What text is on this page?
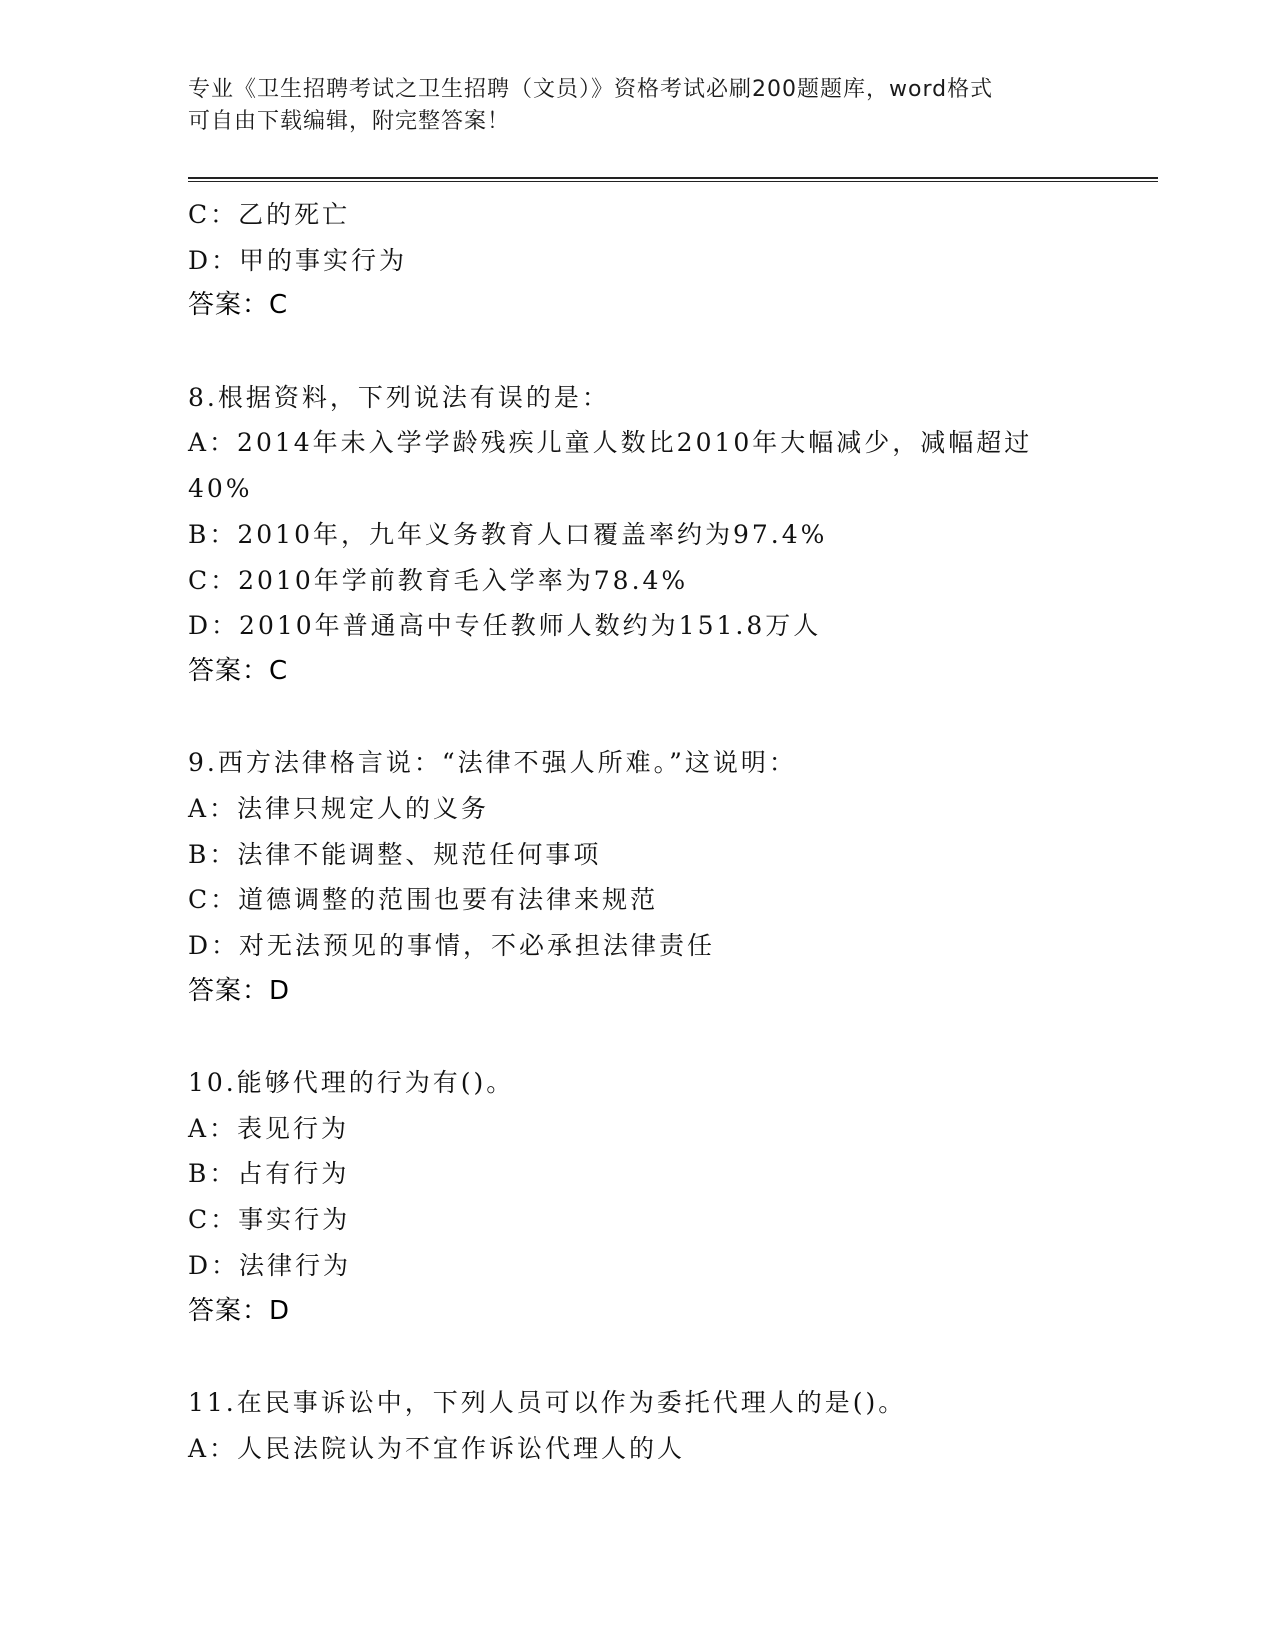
专业《卫生招聘考试之卫生招聘（文员）》资格考试必刷200题题库，word格式
可自由下载编辑，附完整答案！
C：乙的死亡
D：甲的事实行为
答案：C
8.根据资料，下列说法有误的是：
A：2014年未入学学龄残疾儿童人数比2010年大幅减少，减幅超过
40%
B：2010年，九年义务教育人口覆盖率约为97.4%
C：2010年学前教育毛入学率为78.4%
D：2010年普通高中专任教师人数约为151.8万人
答案：C
9.西方法律格言说：“法律不强人所难。”这说明：
A：法律只规定人的义务
B：法律不能调整、规范任何事项
C：道德调整的范围也要有法律来规范
D：对无法预见的事情，不必承担法律责任
答案：D
10.能够代理的行为有()。
A：表见行为
B：占有行为
C：事实行为
D：法律行为
答案：D
11.在民事诉讼中，下列人员可以作为委托代理人的是()。
A：人民法院认为不宜作诉讼代理人的人
